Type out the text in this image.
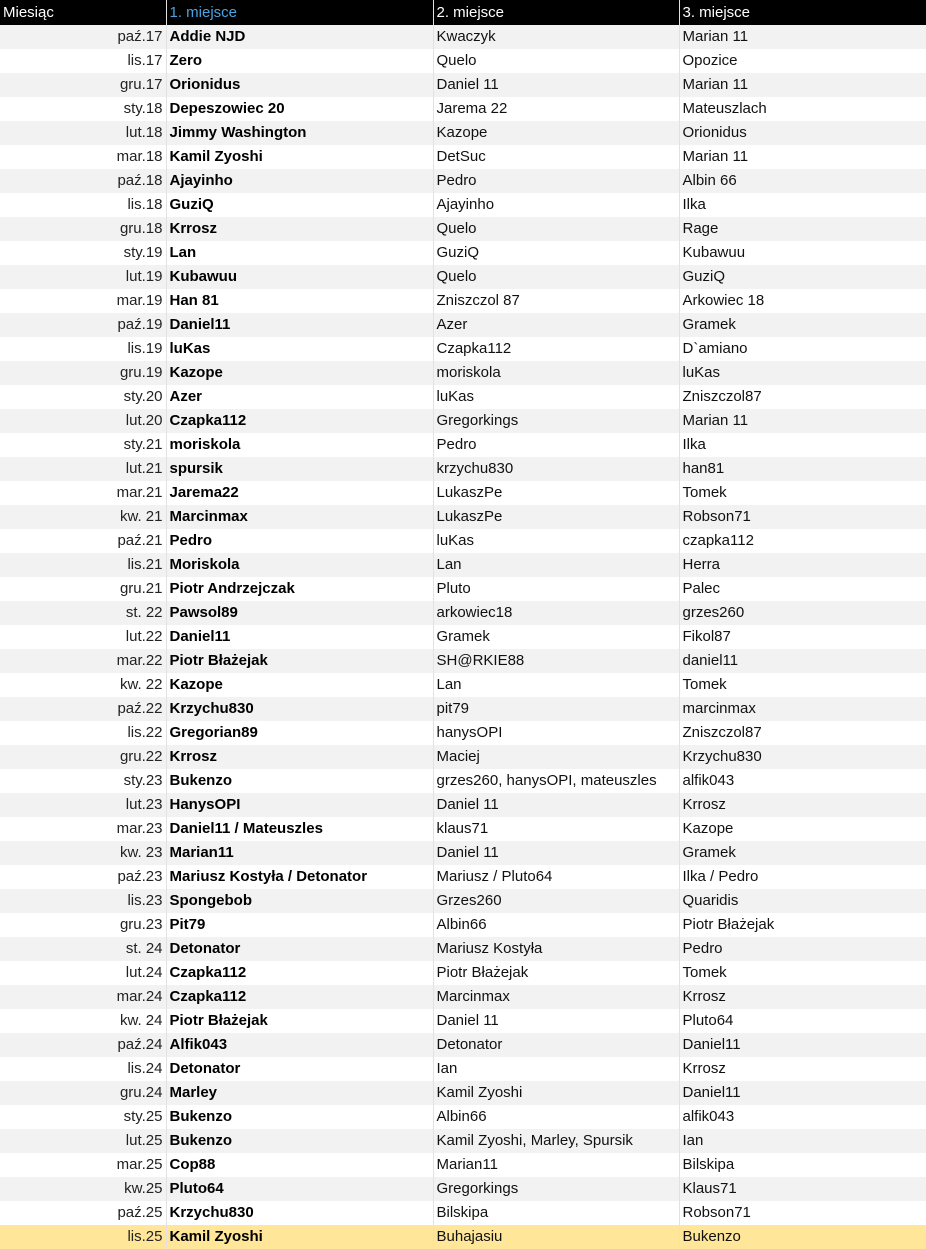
Miesiąc	1. miejsce	2. miejsce	3. miejsce
paź.17	Addie NJD	Kwaczyk	Marian 11
lis.17	Zero	Quelo	Opozice
gru.17	Orionidus	Daniel 11	Marian 11
sty.18	Depeszowiec 20	Jarema 22	Mateuszlach
lut.18	Jimmy Washington	Kazope	Orionidus
mar.18	Kamil Zyoshi	DetSuc	Marian 11
paź.18	Ajayinho	Pedro	Albin 66
lis.18	GuziQ	Ajayinho	Ilka
gru.18	Krrosz	Quelo	Rage
sty.19	Lan	GuziQ	Kubawuu
lut.19	Kubawuu	Quelo	GuziQ
mar.19	Han 81	Zniszczol 87	Arkowiec 18
paź.19	Daniel11	Azer	Gramek
lis.19	luKas	Czapka112	D`amiano
gru.19	Kazope	moriskola	luKas
sty.20	Azer	luKas	Zniszczol87
lut.20	Czapka112	Gregorkings	Marian 11
sty.21	moriskola	Pedro	Ilka
lut.21	spursik	krzychu830	han81
mar.21	Jarema22	LukaszPe	Tomek
kw. 21	Marcinmax	LukaszPe	Robson71
paź.21	Pedro	luKas	czapka112
lis.21	Moriskola	Lan	Herra
gru.21	Piotr Andrzejczak	Pluto	Palec
st. 22	Pawsol89	arkowiec18	grzes260
lut.22	Daniel11	Gramek	Fikol87
mar.22	Piotr Błażejak	SH@RKIE88	daniel11
kw. 22	Kazope	Lan	Tomek
paź.22	Krzychu830	pit79	marcinmax
lis.22	Gregorian89	hanysOPI	Zniszczol87
gru.22	Krrosz	Maciej	Krzychu830
sty.23	Bukenzo	grzes260, hanysOPI, mateuszles	alfik043
lut.23	HanysOPI	Daniel 11	Krrosz
mar.23	Daniel11 / Mateuszles	klaus71	Kazope
kw. 23	Marian11	Daniel 11	Gramek
paź.23	Mariusz Kostyła / Detonator	Mariusz / Pluto64	Ilka / Pedro
lis.23	Spongebob	Grzes260	Quaridis
gru.23	Pit79	Albin66	Piotr Błażejak
st. 24	Detonator	Mariusz Kostyła	Pedro
lut.24	Czapka112	Piotr Błażejak	Tomek
mar.24	Czapka112	Marcinmax	Krrosz
kw. 24	Piotr Błażejak	Daniel 11	Pluto64
paź.24	Alfik043	Detonator	Daniel11
lis.24	Detonator	Ian	Krrosz
gru.24	Marley	Kamil Zyoshi	Daniel11
sty.25	Bukenzo	Albin66	alfik043
lut.25	Bukenzo	Kamil Zyoshi, Marley, Spursik	Ian
mar.25	Cop88	Marian11	Bilskipa
kw.25	Pluto64	Gregorkings	Klaus71
paź.25	Krzychu830	Bilskipa	Robson71
lis.25	Kamil Zyoshi	Buhajasiu	Bukenzo
